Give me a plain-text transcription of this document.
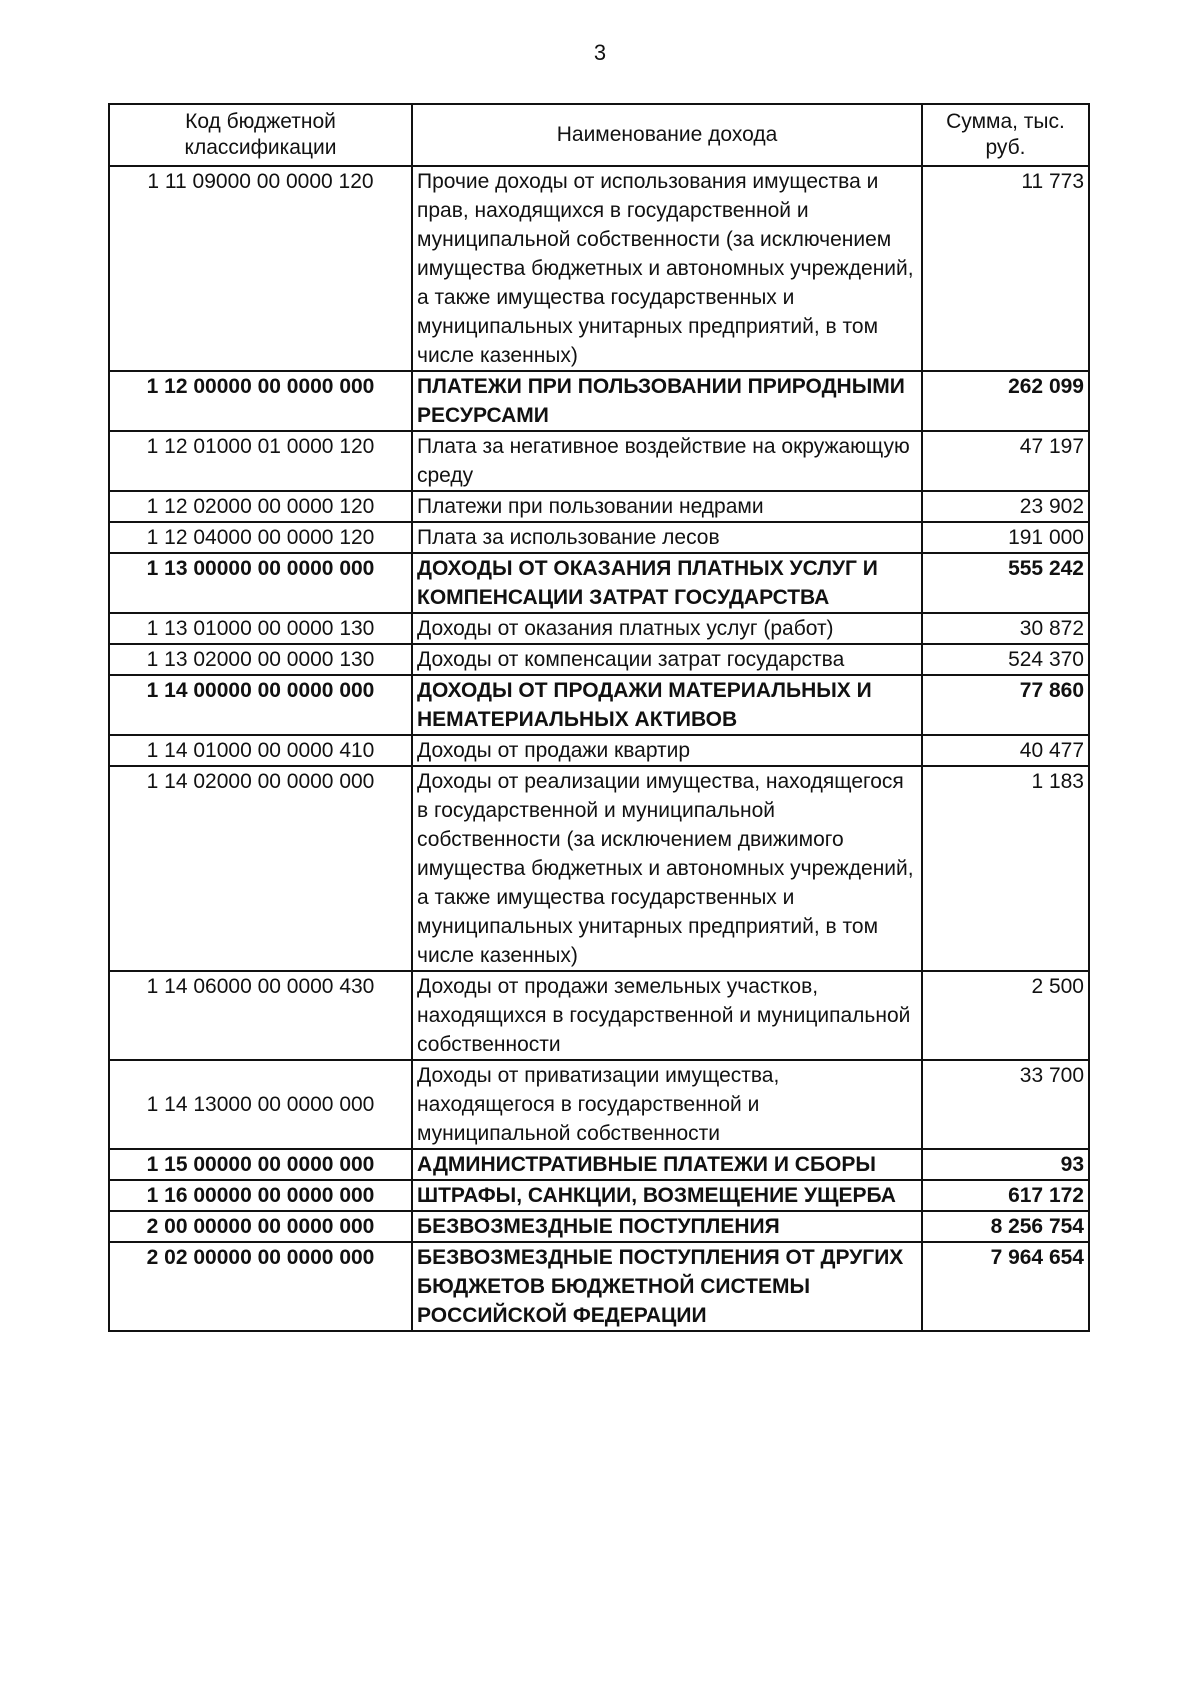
3
Код бюджетной классификации	Наименование дохода	Сумма, тыс. руб.
1 11 09000 00 0000 120	Прочие доходы от использования имущества и прав, находящихся в государственной и муниципальной собственности (за исключением имущества бюджетных и автономных учреждений, а также имущества государственных и муниципальных унитарных предприятий, в том числе казенных)	11 773
1 12 00000 00 0000 000	ПЛАТЕЖИ ПРИ ПОЛЬЗОВАНИИ ПРИРОДНЫМИ РЕСУРСАМИ	262 099
1 12 01000 01 0000 120	Плата за негативное воздействие на окружающую среду	47 197
1 12 02000 00 0000 120	Платежи при пользовании недрами	23 902
1 12 04000 00 0000 120	Плата за использование лесов	191 000
1 13 00000 00 0000 000	ДОХОДЫ ОТ ОКАЗАНИЯ ПЛАТНЫХ УСЛУГ И КОМПЕНСАЦИИ ЗАТРАТ ГОСУДАРСТВА	555 242
1 13 01000 00 0000 130	Доходы от оказания платных услуг (работ)	30 872
1 13 02000 00 0000 130	Доходы от компенсации затрат государства	524 370
1 14 00000 00 0000 000	ДОХОДЫ ОТ ПРОДАЖИ МАТЕРИАЛЬНЫХ И НЕМАТЕРИАЛЬНЫХ АКТИВОВ	77 860
1 14 01000 00 0000 410	Доходы от продажи квартир	40 477
1 14 02000 00 0000 000	Доходы от реализации имущества, находящегося в государственной и муниципальной собственности (за исключением движимого имущества бюджетных и автономных учреждений, а также имущества государственных и муниципальных унитарных предприятий, в том числе казенных)	1 183
1 14 06000 00 0000 430	Доходы от продажи земельных участков, находящихся в государственной и муниципальной собственности	2 500
1 14 13000 00 0000 000	Доходы от приватизации имущества, находящегося в государственной и муниципальной собственности	33 700
1 15 00000 00 0000 000	АДМИНИСТРАТИВНЫЕ ПЛАТЕЖИ И СБОРЫ	93
1 16 00000 00 0000 000	ШТРАФЫ, САНКЦИИ, ВОЗМЕЩЕНИЕ УЩЕРБА	617 172
2 00 00000 00 0000 000	БЕЗВОЗМЕЗДНЫЕ ПОСТУПЛЕНИЯ	8 256 754
2 02 00000 00 0000 000	БЕЗВОЗМЕЗДНЫЕ ПОСТУПЛЕНИЯ ОТ ДРУГИХ БЮДЖЕТОВ БЮДЖЕТНОЙ СИСТЕМЫ РОССИЙСКОЙ ФЕДЕРАЦИИ	7 964 654
